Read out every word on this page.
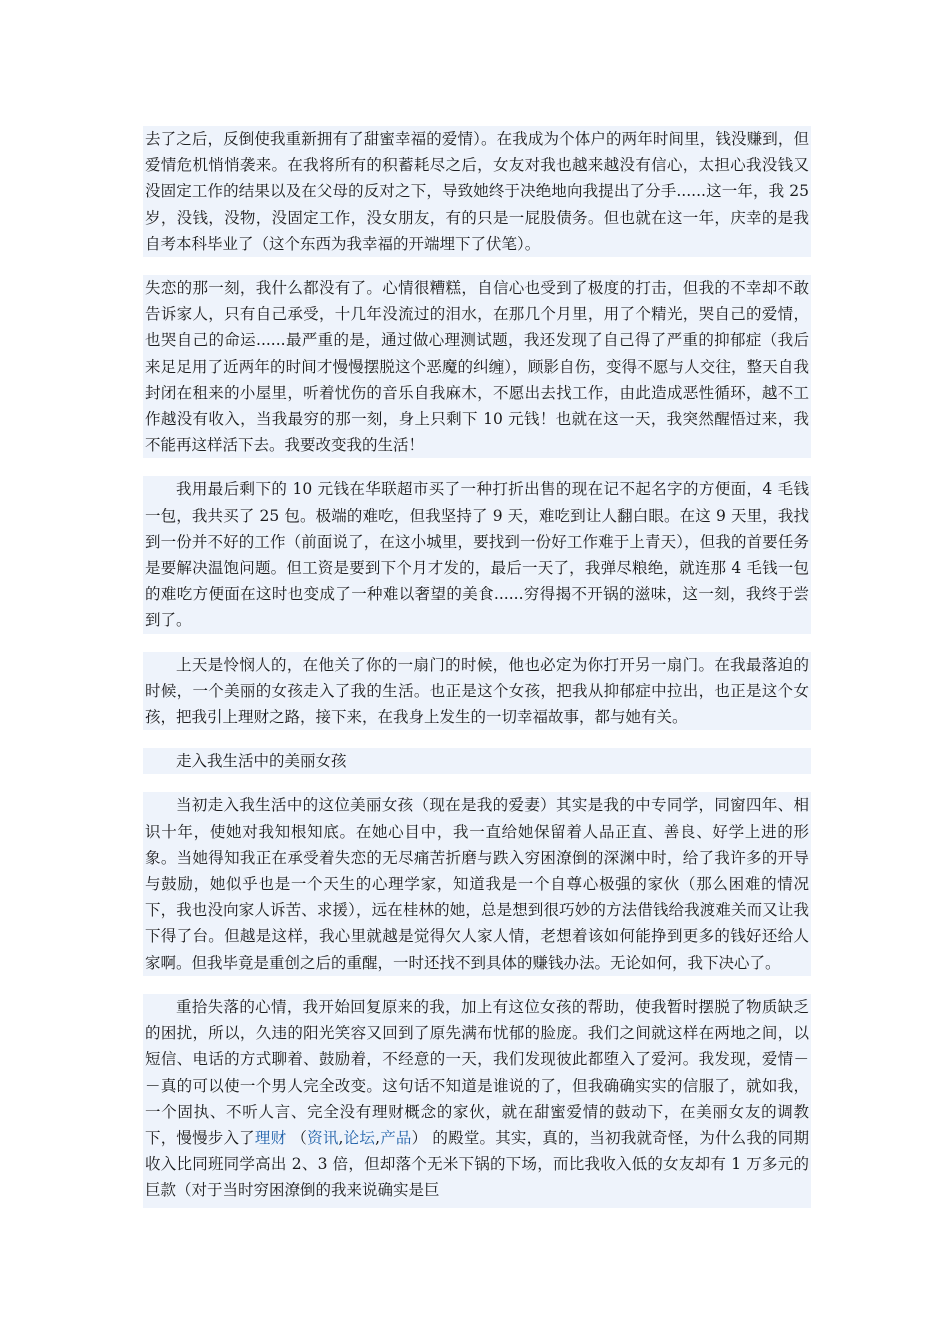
去了之后，反倒使我重新拥有了甜蜜幸福的爱情）。在我成为个体户的两年时间里，钱没赚到，但爱情危机悄悄袭来。在我将所有的积蓄耗尽之后，女友对我也越来越没有信心，太担心我没钱又没固定工作的结果以及在父母的反对之下，导致她终于决绝地向我提出了分手......这一年，我 25 岁，没钱，没物，没固定工作，没女朋友，有的只是一屁股债务。但也就在这一年，庆幸的是我自考本科毕业了（这个东西为我幸福的开端埋下了伏笔）。

失恋的那一刻，我什么都没有了。心情很糟糕，自信心也受到了极度的打击，但我的不幸却不敢告诉家人，只有自己承受，十几年没流过的泪水，在那几个月里，用了个精光，哭自己的爱情，也哭自己的命运......最严重的是，通过做心理测试题，我还发现了自己得了严重的抑郁症（我后来足足用了近两年的时间才慢慢摆脱这个恶魔的纠缠），顾影自伤，变得不愿与人交往，整天自我封闭在租来的小屋里，听着忧伤的音乐自我麻木，不愿出去找工作，由此造成恶性循环，越不工作越没有收入，当我最穷的那一刻，身上只剩下 10 元钱！也就在这一天，我突然醒悟过来，我不能再这样活下去。我要改变我的生活！

我用最后剩下的 10 元钱在华联超市买了一种打折出售的现在记不起名字的方便面，4 毛钱一包，我共买了 25 包。极端的难吃，但我坚持了 9 天，难吃到让人翻白眼。在这 9 天里，我找到一份并不好的工作（前面说了，在这小城里，要找到一份好工作难于上青天），但我的首要任务是要解决温饱问题。但工资是要到下个月才发的，最后一天了，我弹尽粮绝，就连那 4 毛钱一包的难吃方便面在这时也变成了一种难以奢望的美食......穷得揭不开锅的滋味，这一刻，我终于尝到了。

上天是怜悯人的，在他关了你的一扇门的时候，他也必定为你打开另一扇门。在我最落迫的时候，一个美丽的女孩走入了我的生活。也正是这个女孩，把我从抑郁症中拉出，也正是这个女孩，把我引上理财之路，接下来，在我身上发生的一切幸福故事，都与她有关。

走入我生活中的美丽女孩

当初走入我生活中的这位美丽女孩（现在是我的爱妻）其实是我的中专同学，同窗四年、相识十年，使她对我知根知底。在她心目中，我一直给她保留着人品正直、善良、好学上进的形象。当她得知我正在承受着失恋的无尽痛苦折磨与跌入穷困潦倒的深渊中时，给了我许多的开导与鼓励，她似乎也是一个天生的心理学家，知道我是一个自尊心极强的家伙（那么困难的情况下，我也没向家人诉苦、求援），远在桂林的她，总是想到很巧妙的方法借钱给我渡难关而又让我下得了台。但越是这样，我心里就越是觉得欠人家人情，老想着该如何能挣到更多的钱好还给人家啊。但我毕竟是重创之后的重醒，一时还找不到具体的赚钱办法。无论如何，我下决心了。

重拾失落的心情，我开始回复原来的我，加上有这位女孩的帮助，使我暂时摆脱了物质缺乏的困扰，所以，久违的阳光笑容又回到了原先满布忧郁的脸庞。我们之间就这样在两地之间，以短信、电话的方式聊着、鼓励着，不经意的一天，我们发现彼此都堕入了爱河。我发现，爱情－－真的可以使一个男人完全改变。这句话不知道是谁说的了，但我确确实实的信服了，就如我，一个固执、不听人言、完全没有理财概念的家伙，就在甜蜜爱情的鼓动下，在美丽女友的调教下，慢慢步入了理财 （资讯,论坛,产品） 的殿堂。其实，真的，当初我就奇怪，为什么我的同期收入比同班同学高出 2、3 倍，但却落个无米下锅的下场，而比我收入低的女友却有 1 万多元的巨款（对于当时穷困潦倒的我来说确实是巨
